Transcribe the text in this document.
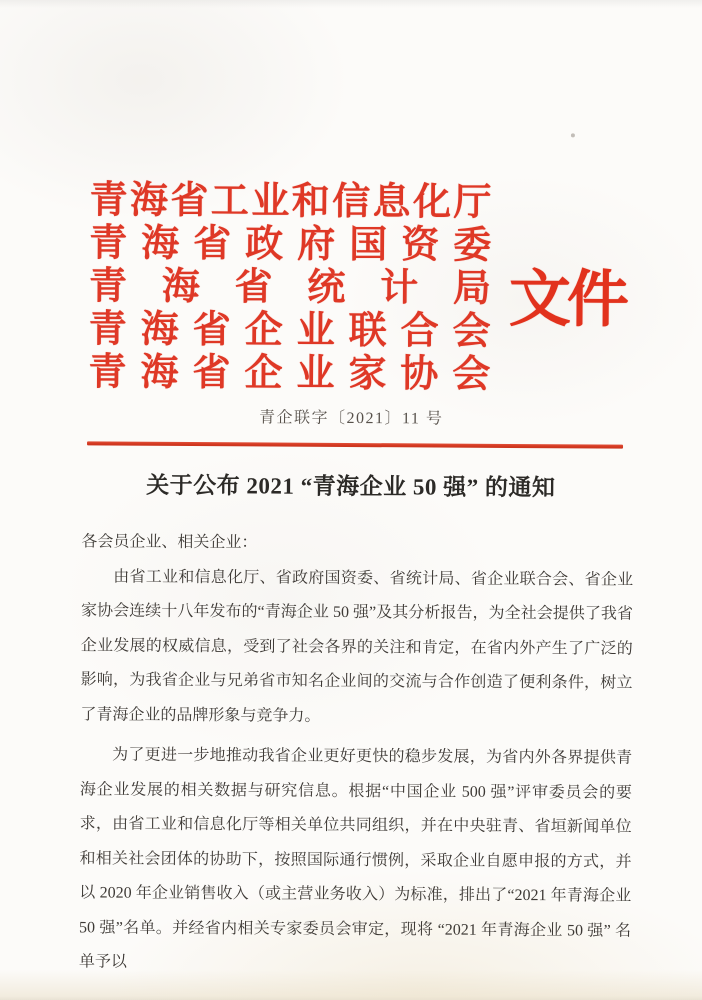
青 海 省 工 业 和 信 息 化 厅
青 海 省 政 府 国 资 委
青 海 省 统 计 局
青 海 省 企 业 联 合 会
青 海 省 企 业 家 协 会
文件
青企联字〔2021〕11 号
关于公布 2021 “青海企业 50 强” 的通知
各会员企业、相关企业：

由省工业和信息化厅、省政府国资委、省统计局、省企业联合会、省企业家协会连续十八年发布的“青海企业 50 强”及其分析报告，为全社会提供了我省企业发展的权威信息，受到了社会各界的关注和肯定，在省内外产生了广泛的影响，为我省企业与兄弟省市知名企业间的交流与合作创造了便利条件，树立了青海企业的品牌形象与竞争力。

为了更进一步地推动我省企业更好更快的稳步发展，为省内外各界提供青海企业发展的相关数据与研究信息。根据“中国企业 500 强”评审委员会的要求，由省工业和信息化厅等相关单位共同组织，并在中央驻青、省垣新闻单位和相关社会团体的协助下，按照国际通行惯例，采取企业自愿申报的方式，并以 2020 年企业销售收入（或主营业务收入）为标准，排出了“2021 年青海企业 50 强”名单。并经省内相关专家委员会审定，现将 “2021 年青海企业 50 强” 名单予以
